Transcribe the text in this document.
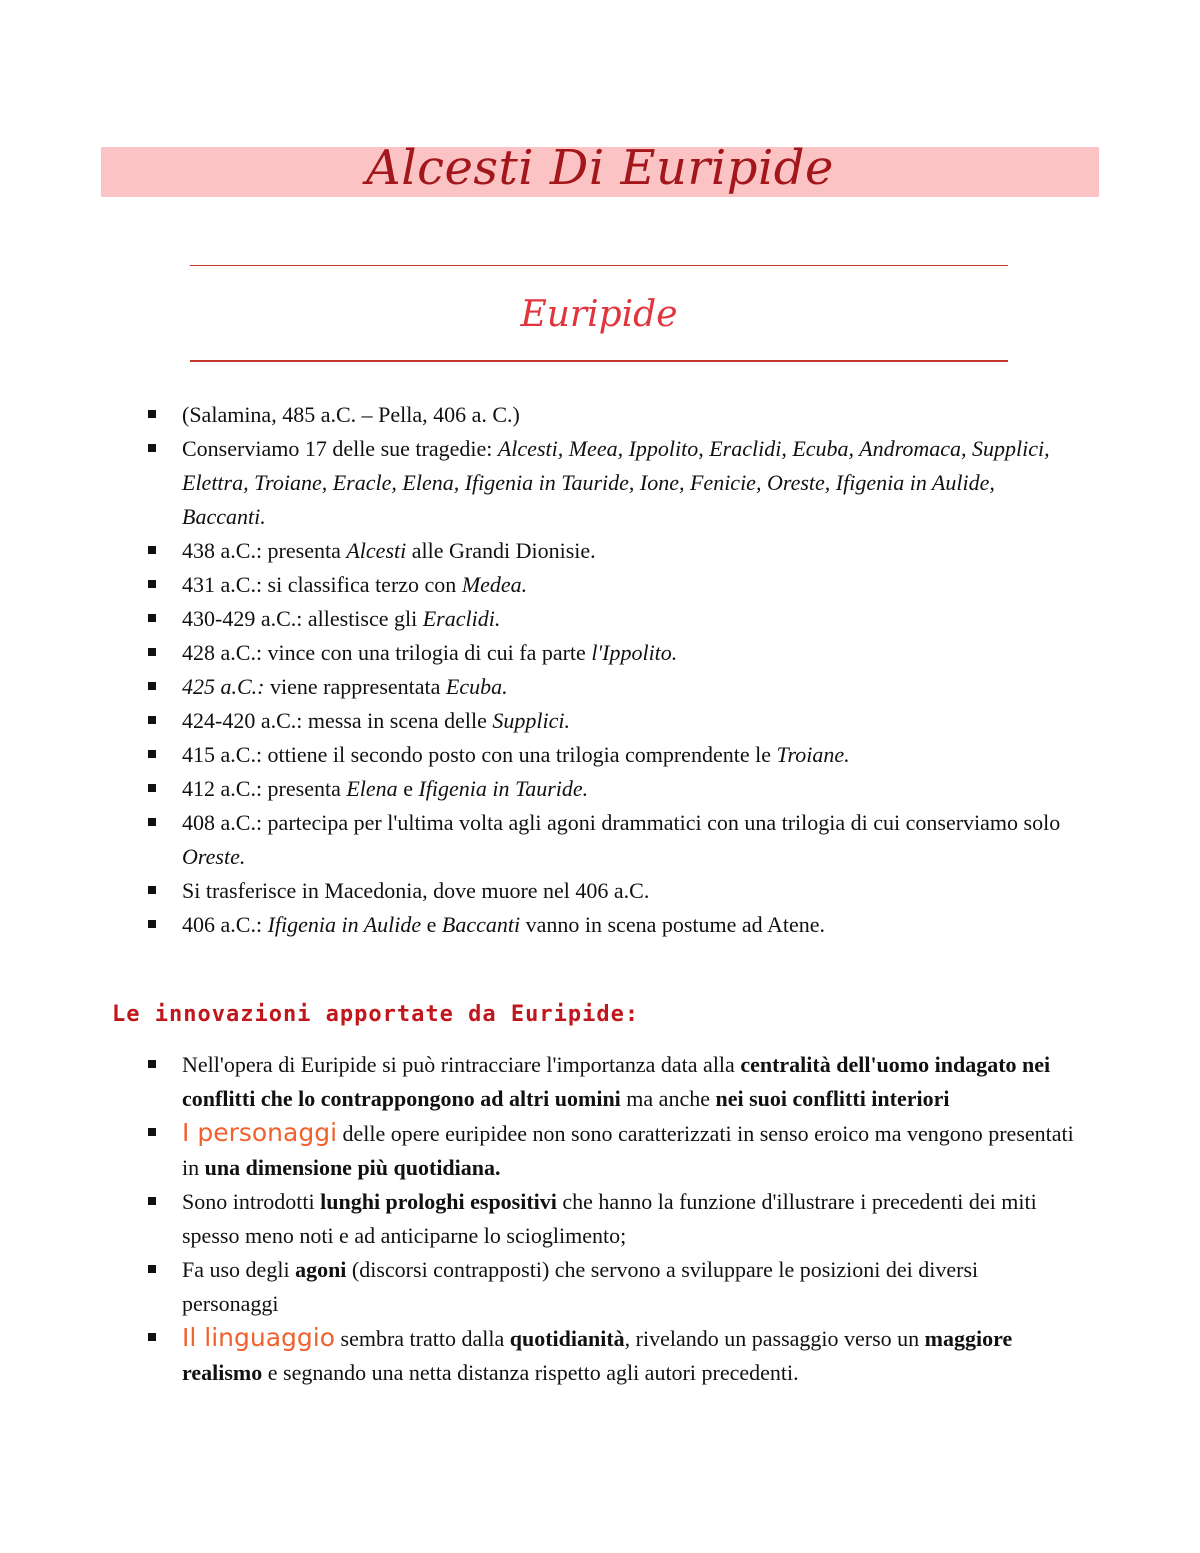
Alcesti Di Euripide
Euripide
(Salamina, 485 a.C. – Pella, 406 a. C.)
Conserviamo 17 delle sue tragedie: Alcesti, Meea, Ippolito, Eraclidi, Ecuba, Andromaca, Supplici, Elettra, Troiane, Eracle, Elena, Ifigenia in Tauride, Ione, Fenicie, Oreste, Ifigenia in Aulide, Baccanti.
438 a.C.: presenta Alcesti alle Grandi Dionisie.
431 a.C.: si classifica terzo con Medea.
430-429 a.C.: allestisce gli Eraclidi.
428 a.C.: vince con una trilogia di cui fa parte l'Ippolito.
425 a.C.: viene rappresentata Ecuba.
424-420 a.C.: messa in scena delle Supplici.
415 a.C.: ottiene il secondo posto con una trilogia comprendente le Troiane.
412 a.C.: presenta Elena e Ifigenia in Tauride.
408 a.C.: partecipa per l'ultima volta agli agoni drammatici con una trilogia di cui conserviamo solo Oreste.
Si trasferisce in Macedonia, dove muore nel 406 a.C.
406 a.C.: Ifigenia in Aulide e Baccanti vanno in scena postume ad Atene.
Le innovazioni apportate da Euripide:
Nell'opera di Euripide si può rintracciare l'importanza data alla centralità dell'uomo indagato nei conflitti che lo contrappongono ad altri uomini ma anche nei suoi conflitti interiori
I personaggi delle opere euripidee non sono caratterizzati in senso eroico ma vengono presentati in una dimensione più quotidiana.
Sono introdotti lunghi prologhi espositivi che hanno la funzione d'illustrare i precedenti dei miti spesso meno noti e ad anticiparne lo scioglimento;
Fa uso degli agoni (discorsi contrapposti) che servono a sviluppare le posizioni dei diversi personaggi
Il linguaggio sembra tratto dalla quotidianità, rivelando un passaggio verso un maggiore realismo e segnando una netta distanza rispetto agli autori precedenti.
